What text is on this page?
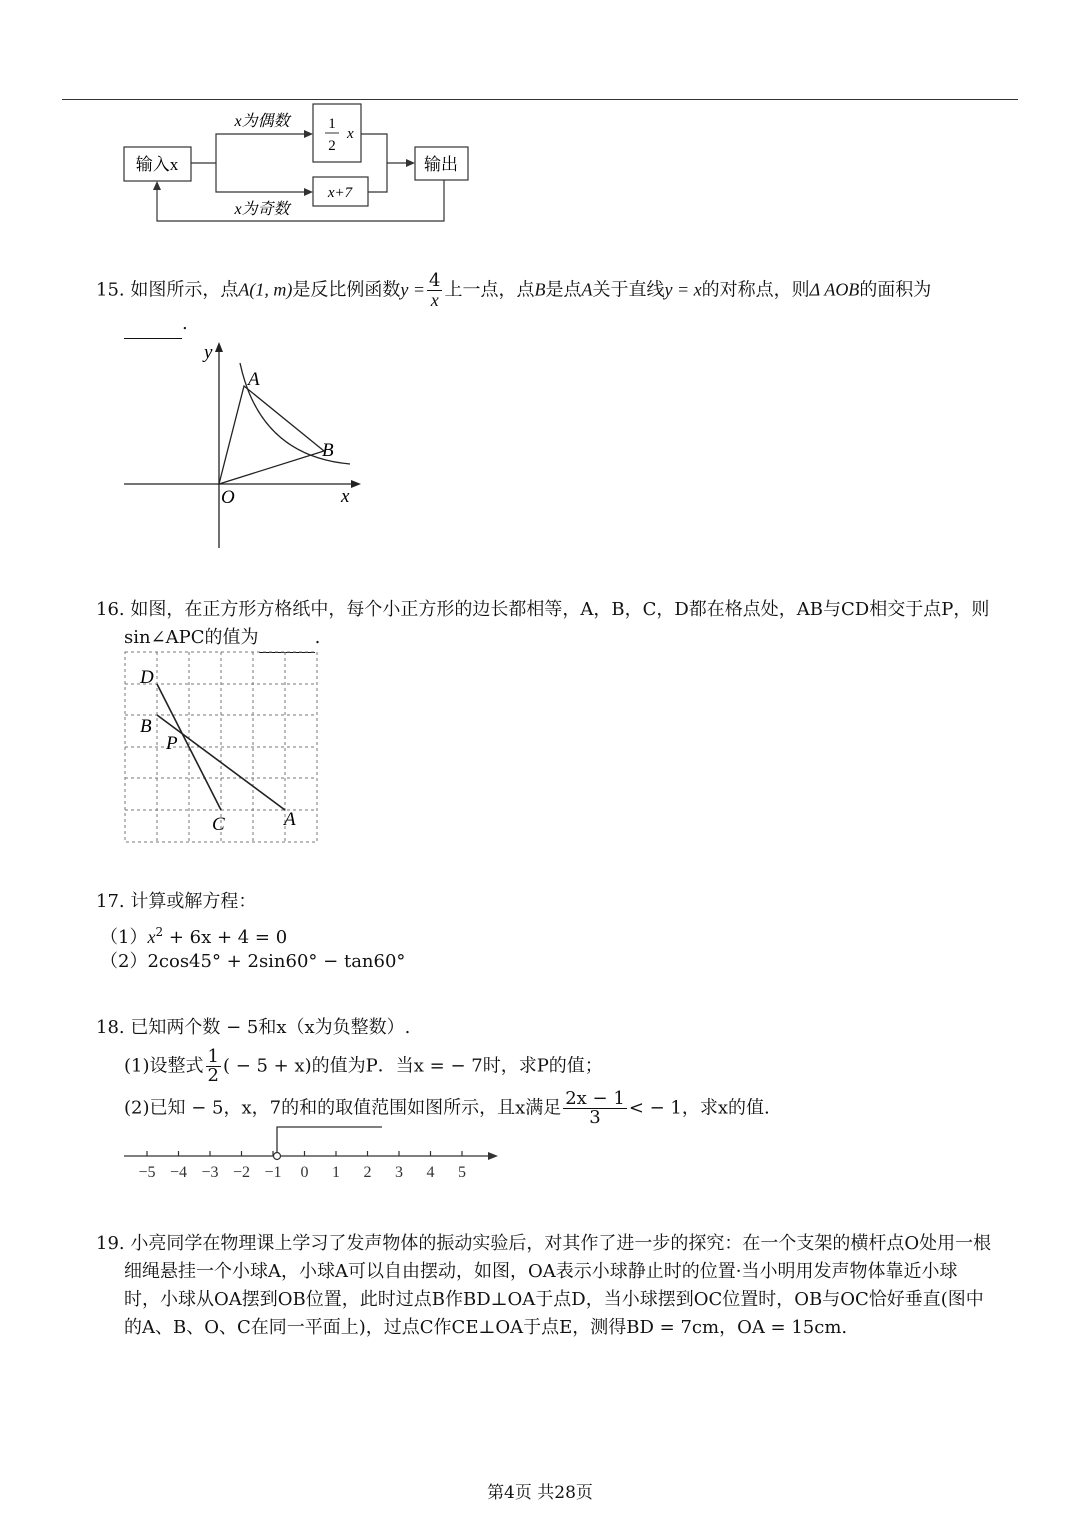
输入x
x为偶数	1
2
x
x+7
x为奇数
输出
15. 如图所示，点A(1, m)是反比例函数$y = \frac{4}{x}$ 上一点，点B是点A关于直线y = x的对称点，则Δ AOB的面积为
.
y
A
B
O	x
16. 如图，在正方形方格纸中，每个小正方形的边长都相等，A，B，C，D都在格点处，AB与CD相交于点P，则
sin∠APC的值为	.
D
B
P
C	A
17. 计算或解方程：
$(1)x^2 + 6x + 4 = 0$
（2）2cos45° + 2sin60° − tan60°
18. 已知两个数 − 5和x（x为负整数）.
(1)设整式 $\frac{1}{2}$ ( − 5 + x)的值为P．当x = − 7时，求P的值；
(2)已知 − 5，x，7的和的取值范围如图所示，且x满足 $\frac{2x - 1}{3}$ < − 1，求x的值.
−5 −4 −3 −2 −1 0 1 2 3 4 5
19. 小亮同学在物理课上学习了发声物体的振动实验后，对其作了进一步的探究：在一个支架的横杆点O处用一根
细绳悬挂一个小球A，小球A可以自由摆动，如图，OA表示小球静止时的位置·当小明用发声物体靠近小球
时，小球从OA摆到OB位置，此时过点B作BD⊥OA于点D，当小球摆到OC位置时，OB与OC恰好垂直(图中
的A、B、O、C在同一平面上)，过点C作CE⊥OA于点E，测得BD = 7cm，OA = 15cm.
第4页 共28页
